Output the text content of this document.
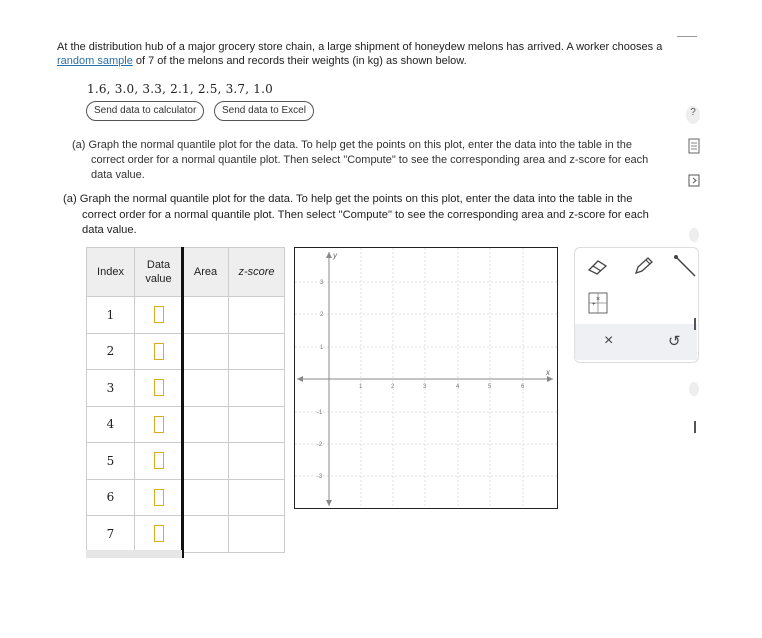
At the distribution hub of a major grocery store chain, a large shipment of honeydew melons has arrived. A worker chooses a random sample of 7 of the melons and records their weights (in kg) as shown below.
1.6, 3.0, 3.3, 2.1, 2.5, 3.7, 1.0
Send data to calculator	Send data to Excel
(a) Graph the normal quantile plot for the data. To help get the points on this plot, enter the data into the table in the
correct order for a normal quantile plot. Then select "Compute" to see the corresponding area and z-score for each
data value.
(a) Graph the normal quantile plot for the data. To help get the points on this plot, enter the data into the table in the
correct order for a normal quantile plot. Then select "Compute" to see the corresponding area and z-score for each
data value.
Index	Data value	Area	z-score
1			
2			
3			
4			
5			
6			
7			
y
x
1	2	3	4	5	6
3
2
1
-1
-2
-3
×
+
×	↺
?
